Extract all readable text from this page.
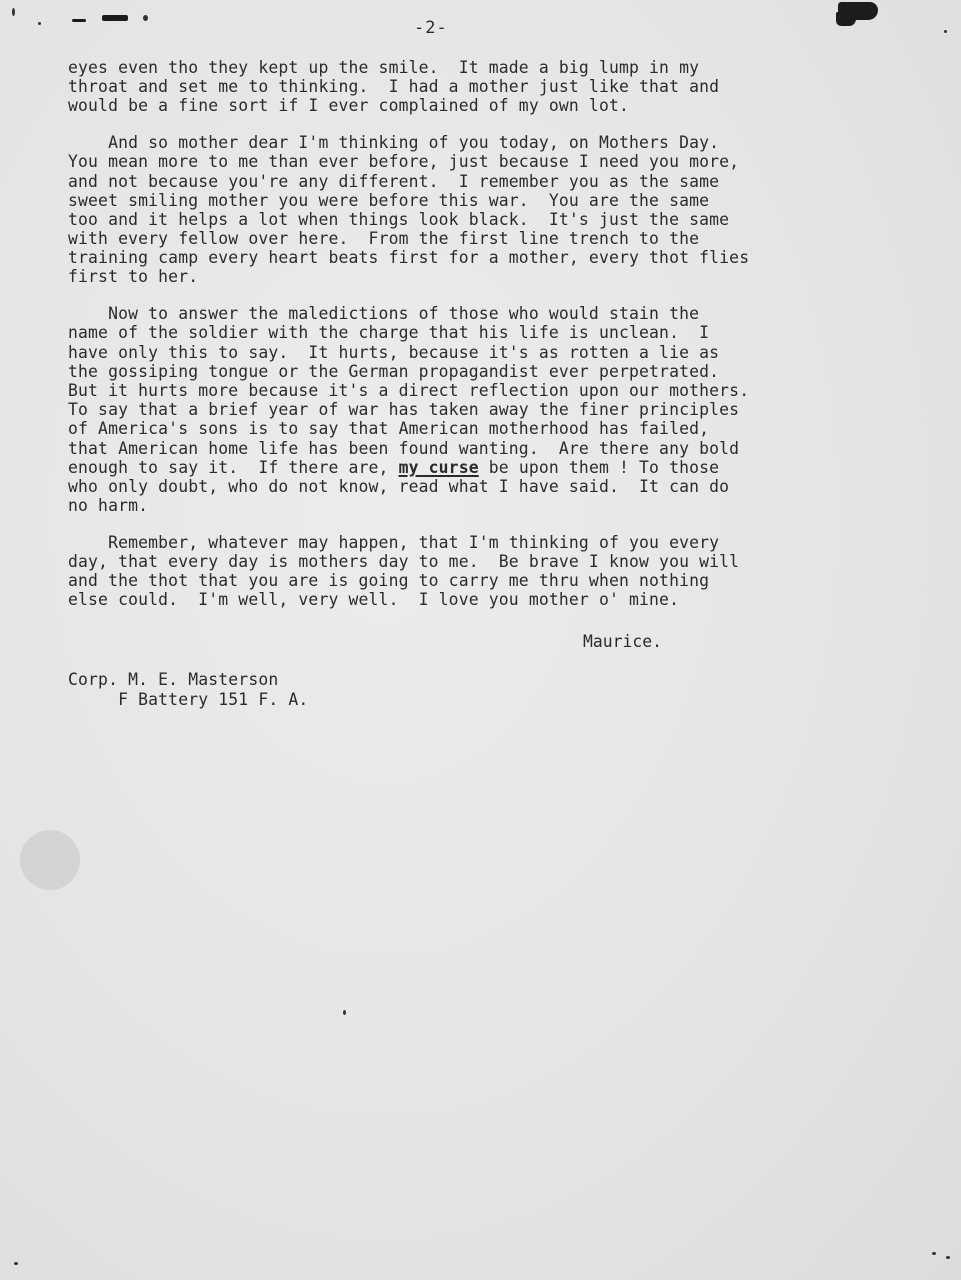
-2-
eyes even tho they kept up the smile.  It made a big lump in my
throat and set me to thinking.  I had a mother just like that and
would be a fine sort if I ever complained of my own lot.
And so mother dear I'm thinking of you today, on Mothers Day.
You mean more to me than ever before, just because I need you more,
and not because you're any different.  I remember you as the same
sweet smiling mother you were before this war.  You are the same
too and it helps a lot when things look black.  It's just the same
with every fellow over here.  From the first line trench to the
training camp every heart beats first for a mother, every thot flies
first to her.
Now to answer the maledictions of those who would stain the
name of the soldier with the charge that his life is unclean.  I
have only this to say.  It hurts, because it's as rotten a lie as
the gossiping tongue or the German propagandist ever perpetrated.
But it hurts more because it's a direct reflection upon our mothers.
To say that a brief year of war has taken away the finer principles
of America's sons is to say that American motherhood has failed,
that American home life has been found wanting.  Are there any bold
enough to say it.  If there are, my curse be upon them ! To those
who only doubt, who do not know, read what I have said.  It can do
no harm.
Remember, whatever may happen, that I'm thinking of you every
day, that every day is mothers day to me.  Be brave I know you will
and the thot that you are is going to carry me thru when nothing
else could.  I'm well, very well.  I love you mother o' mine.
Maurice.
Corp. M. E. Masterson
F Battery 151 F. A.
